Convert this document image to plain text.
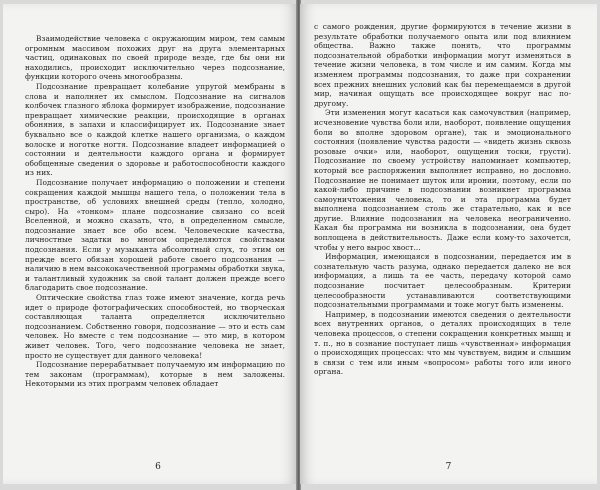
Взаимодействие человека с окружающим миром, тем самым огромным массивом похожих друг на друга элементарных частиц, одинаковых по своей природе везде, где бы они ни находились, происходит исключительно через подсознание, функции которого очень многообразны.

Подсознание превращает колебание упругой мембраны в слова и наполняет их смыслом. Подсознание на сигналов колбочек глазного яблока формирует изображение, подсознание превращает химические реакции, происходящие в органах обоняния, в запахи и классифицирует их. Подсознание знает буквально все о каждой клетке нашего организма, о каждом волоске и ноготке ногтя. Подсознание владеет информацией о состоянии и деятельности каждого органа и формирует обобщенные сведения о здоровье и работоспособности каждого из них.

Подсознание получает информацию о положении и степени сокращения каждой мышцы нашего тела, о положении тела в пространстве, об условиях внешней среды (тепло, холодно, сыро). На «тонком» плане подсознание связано со всей Вселенной, и можно сказать, что, в определенном смысле, подсознание знает все обо всем. Человеческие качества, личностные задатки во многом определяются свойствами подсознания. Если у музыканта абсолютный слух, то этим он прежде всего обязан хорошей работе своего подсознания — наличию в нем высококачественной программы обработки звука, и талантливый художник за свой талант должен прежде всего благодарить свое подсознание.

Оптические свойства глаз тоже имеют значение, когда речь идет о природе фотографических способностей, но творческая составляющая таланта определяется исключительно подсознанием. Собственно говоря, подсознание — это и есть сам человек. Но вместе с тем подсознание — это мир, в котором живет человек. Того, чего подсознание человека не знает, просто не существует для данного человека!

Подсознание перерабатывает получаемую им информацию по тем законам (программам), которые в нем заложены. Некоторыми из этих программ человек обладает

6

с самого рождения, другие формируются в течение жизни в результате обработки получаемого опыта или под влиянием общества. Важно также понять, что программы подсознательной обработки информации могут изменяться в течение жизни человека, в том числе и им самим. Когда мы изменяем программы подсознания, то даже при сохранении всех прежних внешних условий как бы перемещаемся в другой мир, начиная ощущать все происходящее вокруг нас по-другому.

Эти изменения могут касаться как самочувствия (например, исчезновение чувства боли или, наоборот, появление ощущения боли во вполне здоровом органе), так и эмоционального состояния (появление чувства радости — «видеть жизнь сквозь розовые очки» или, наоборот, ощущения тоски, грусти). Подсознание по своему устройству напоминает компьютер, который все распоряжения выполняет исправно, но дословно. Подсознание не понимает шуток или иронии, поэтому, если по какой-либо причине в подсознании возникнет программа самоуничтожения человека, то и эта программа будет выполнена подсознанием столь же старательно, как и все другие. Влияние подсознания на человека неограниченно. Какая бы программа ни возникла в подсознании, она будет воплощена в действительность. Даже если кому-то захочется, чтобы у него вырос хвост...

Информация, имеющаяся в подсознании, передается им в сознательную часть разума, однако передается далеко не вся информация, а лишь та ее часть, передачу которой само подсознание посчитает целесообразным. Критерии целесообразности устанавливаются соответствующими подсознательными программами и тоже могут быть изменены.

Например, в подсознании имеются сведения о деятельности всех внутренних органов, о деталях происходящих в теле человека процессов, о степени сокращения конкретных мышц и т. п., но в сознание поступает лишь «чувственная» информация о происходящих процессах: что мы чувствуем, видим и слышим в связи с тем или иным «вопросом» работы того или иного органа.

7
